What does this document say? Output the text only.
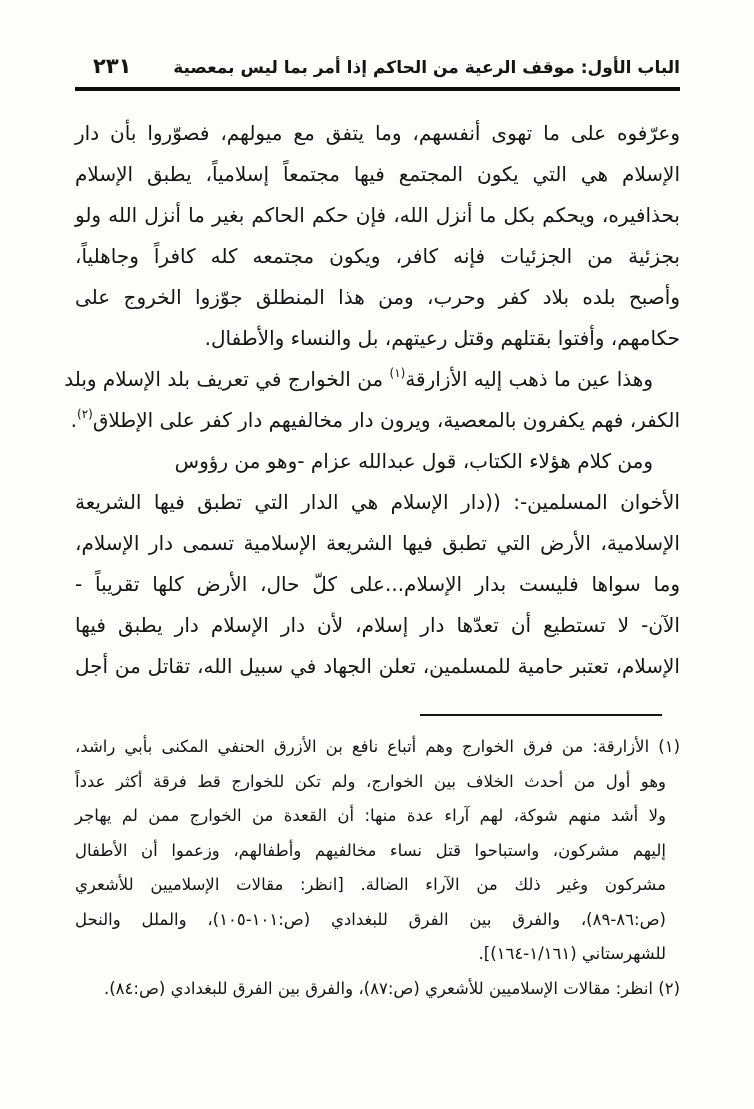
الباب الأول: موقف الرعية من الحاكم إذا أمر بما ليس بمعصية
٢٣١
وعرّفوه على ما تهوى أنفسهم، وما يتفق مع ميولهم، فصوّروا بأن دار
الإسلام هي التي يكون المجتمع فيها مجتمعاً إسلامياً، يطبق الإسلام
بحذافيره، ويحكم بكل ما أنزل الله، فإن حكم الحاكم بغير ما أنزل الله ولو
بجزئية من الجزئيات فإنه كافر، ويكون مجتمعه كله كافراً وجاهلياً،
وأصبح بلده بلاد كفر وحرب، ومن هذا المنطلق جوّزوا الخروج على
حكامهم، وأفتوا بقتلهم وقتل رعيتهم، بل والنساء والأطفال.
وهذا عين ما ذهب إليه الأزارقة$^{(١)}$ من الخوارج في تعريف بلد الإسلام وبلد
الكفر، فهم يكفرون بالمعصية، ويرون دار مخالفيهم دار كفر على الإطلاق$^{(٢)}$.
ومن كلام هؤلاء الكتاب، قول عبدالله عزام -وهو من رؤوس
الأخوان المسلمين-: ((دار الإسلام هي الدار التي تطبق فيها الشريعة
الإسلامية، الأرض التي تطبق فيها الشريعة الإسلامية تسمى دار الإسلام،
وما سواها فليست بدار الإسلام...على كلّ حال، الأرض كلها تقريباً -
الآن- لا تستطيع أن تعدّها دار إسلام، لأن دار الإسلام دار يطبق فيها
الإسلام، تعتبر حامية للمسلمين، تعلن الجهاد في سبيل الله، تقاتل من أجل
(١) الأزارقة: من فرق الخوارج وهم أتباع نافع بن الأزرق الحنفي المكنى بأبي راشد،
وهو أول من أحدث الخلاف بين الخوارج، ولم تكن للخوارج قط فرقة أكثر عدداً
ولا أشد منهم شوكة، لهم آراء عدة منها: أن القعدة من الخوارج ممن لم يهاجر
إليهم مشركون، واستباحوا قتل نساء مخالفيهم وأطفالهم، وزعموا أن الأطفال
مشركون وغير ذلك من الآراء الضالة. [انظر: مقالات الإسلاميين للأشعري
(ص:٨٦-٨٩)، والفرق بين الفرق للبغدادي (ص:١٠١-١٠٥)، والملل والنحل
للشهرستاني (١/١٦١-١٦٤)].
(٢) انظر: مقالات الإسلاميين للأشعري (ص:٨٧)، والفرق بين الفرق للبغدادي (ص:٨٤).
